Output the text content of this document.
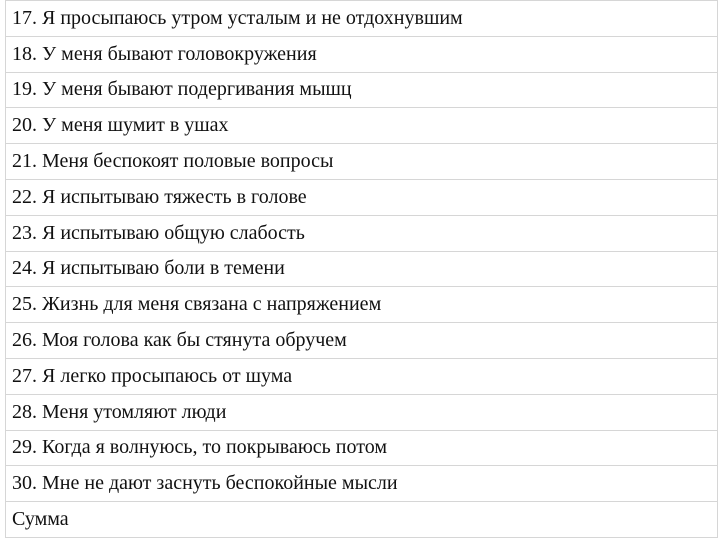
17. Я просыпаюсь утром усталым и не отдохнувшим
18. У меня бывают головокружения
19. У меня бывают подергивания мышц
20. У меня шумит в ушах
21. Меня беспокоят половые вопросы
22. Я испытываю тяжесть в голове
23. Я испытываю общую слабость
24. Я испытываю боли в темени
25. Жизнь для меня связана с напряжением
26. Моя голова как бы стянута обручем
27. Я легко просыпаюсь от шума
28. Меня утомляют люди
29. Когда я волнуюсь, то покрываюсь потом
30. Мне не дают заснуть беспокойные мысли
Сумма
